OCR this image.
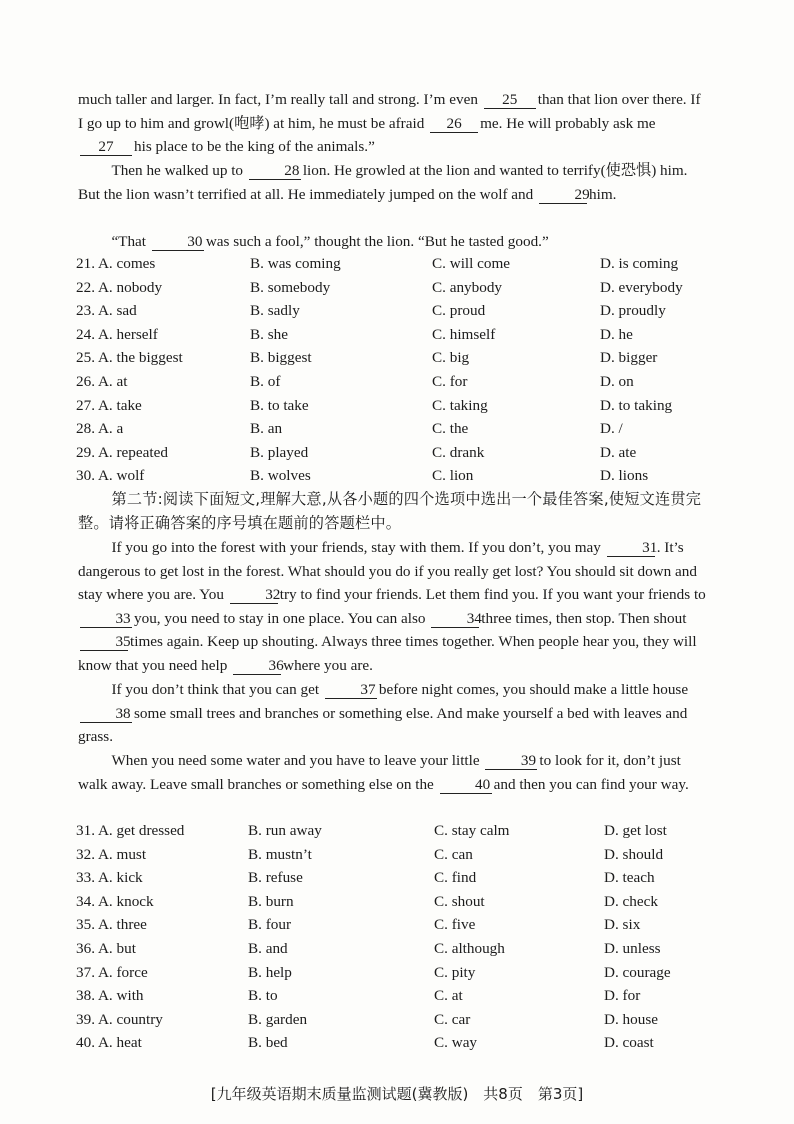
much taller and larger. In fact, I’m really tall and strong. I’m even 25 than that lion over there. If I go up to him and growl(咆哮) at him, he must be afraid 26 me. He will probably ask me 27 his place to be the king of the animals.”
Then he walked up to	28 lion. He growled at the lion and wanted to terrify(使恐惧) him. But the lion wasn’t terrified at all. He immediately jumped on the wolf and	29him.
“That	30 was such a fool,” thought the lion. “But he tasted good.”
21. A. comes	B. was coming	C. will come	D. is coming
22. A. nobody	B. somebody	C. anybody	D. everybody
23. A. sad	B. sadly	C. proud	D. proudly
24. A. herself	B. she	C. himself	D. he
25. A. the biggest	B. biggest	C. big	D. bigger
26. A. at	B. of	C. for	D. on
27. A. take	B. to take	C. taking	D. to taking
28. A. a	B. an	C. the	D. /
29. A. repeated	B. played	C. drank	D. ate
30. A. wolf	B. wolves	C. lion	D. lions
第二节:阅读下面短文,理解大意,从各小题的四个选项中选出一个最佳答案,使短文连贯完整。请将正确答案的序号填在题前的答题栏中。
If you go into the forest with your friends, stay with them. If you don’t, you may	31. It’s dangerous to get lost in the forest. What should you do if you really get lost? You should sit down and stay where you are. You	32try to find your friends. Let them find you. If you want your friends to 33 you, you need to stay in one place. You can also	34three times, then stop. Then shout 35times again. Keep up shouting. Always three times together. When people hear you, they will know that you need help	36where you are.
If you don’t think that you can get	37 before night comes, you should make a little house 38 some small trees and branches or something else. And make yourself a bed with leaves and grass.
When you need some water and you have to leave your little	39 to look for it, don’t just walk away. Leave small branches or something else on the	40 and then you can find your way.
31. A. get dressed	B. run away	C. stay calm	D. get lost
32. A. must	B. mustn’t	C. can	D. should
33. A. kick	B. refuse	C. find	D. teach
34. A. knock	B. burn	C. shout	D. check
35. A. three	B. four	C. five	D. six
36. A. but	B. and	C. although	D. unless
37. A. force	B. help	C. pity	D. courage
38. A. with	B. to	C. at	D. for
39. A. country	B. garden	C. car	D. house
40. A. heat	B. bed	C. way	D. coast
[九年级英语期末质量监测试题(冀教版)　共8页　第3页]
